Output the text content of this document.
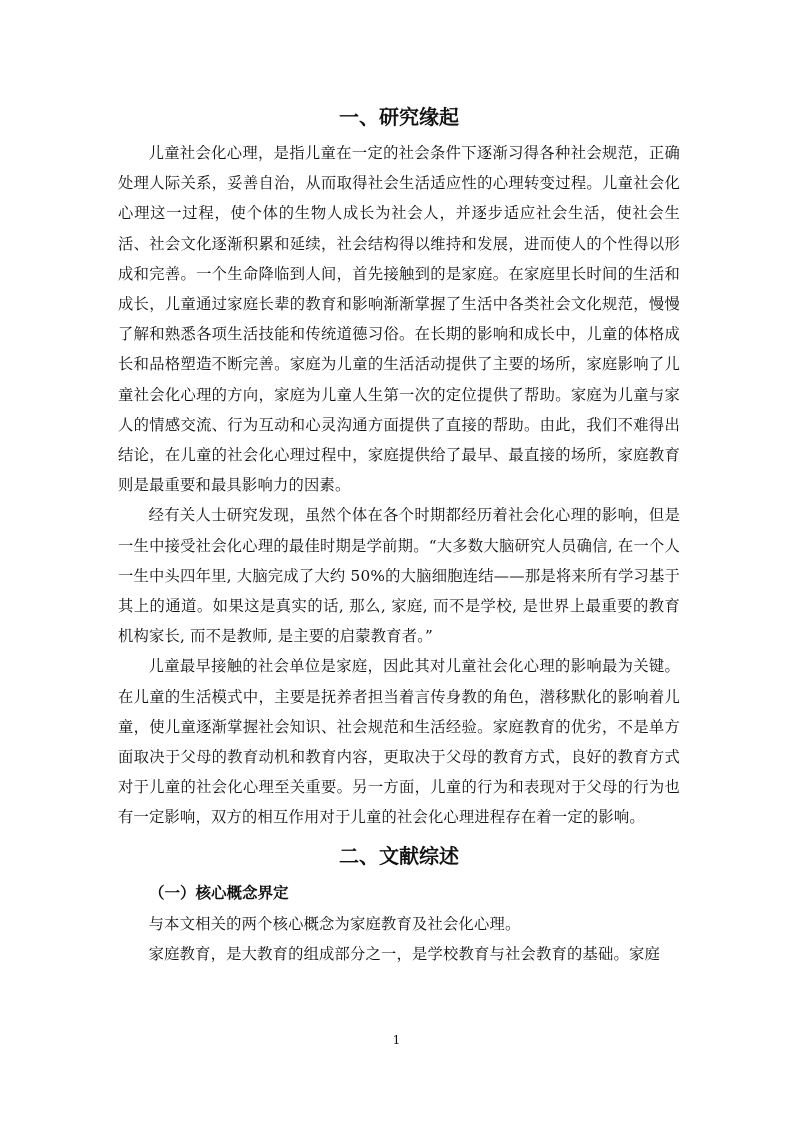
一、研究缘起

儿童社会化心理，是指儿童在一定的社会条件下逐渐习得各种社会规范，正确处理人际关系，妥善自治，从而取得社会生活适应性的心理转变过程。儿童社会化心理这一过程，使个体的生物人成长为社会人，并逐步适应社会生活，使社会生活、社会文化逐渐积累和延续，社会结构得以维持和发展，进而使人的个性得以形成和完善。一个生命降临到人间，首先接触到的是家庭。在家庭里长时间的生活和成长，儿童通过家庭长辈的教育和影响渐渐掌握了生活中各类社会文化规范，慢慢了解和熟悉各项生活技能和传统道德习俗。在长期的影响和成长中，儿童的体格成长和品格塑造不断完善。家庭为儿童的生活活动提供了主要的场所，家庭影响了儿童社会化心理的方向，家庭为儿童人生第一次的定位提供了帮助。家庭为儿童与家人的情感交流、行为互动和心灵沟通方面提供了直接的帮助。由此，我们不难得出结论，在儿童的社会化心理过程中，家庭提供给了最早、最直接的场所，家庭教育则是最重要和最具影响力的因素。

经有关人士研究发现，虽然个体在各个时期都经历着社会化心理的影响，但是一生中接受社会化心理的最佳时期是学前期。“大多数大脑研究人员确信, 在一个人一生中头四年里, 大脑完成了大约 50%的大脑细胞连结——那是将来所有学习基于其上的通道。如果这是真实的话, 那么, 家庭, 而不是学校, 是世界上最重要的教育机构家长, 而不是教师, 是主要的启蒙教育者。”

儿童最早接触的社会单位是家庭，因此其对儿童社会化心理的影响最为关键。在儿童的生活模式中，主要是抚养者担当着言传身教的角色，潜移默化的影响着儿童，使儿童逐渐掌握社会知识、社会规范和生活经验。家庭教育的优劣，不是单方面取决于父母的教育动机和教育内容，更取决于父母的教育方式，良好的教育方式对于儿童的社会化心理至关重要。另一方面，儿童的行为和表现对于父母的行为也有一定影响，双方的相互作用对于儿童的社会化心理进程存在着一定的影响。

二、文献综述
（一）核心概念界定

与本文相关的两个核心概念为家庭教育及社会化心理。

家庭教育，是大教育的组成部分之一，是学校教育与社会教育的基础。家庭

1
